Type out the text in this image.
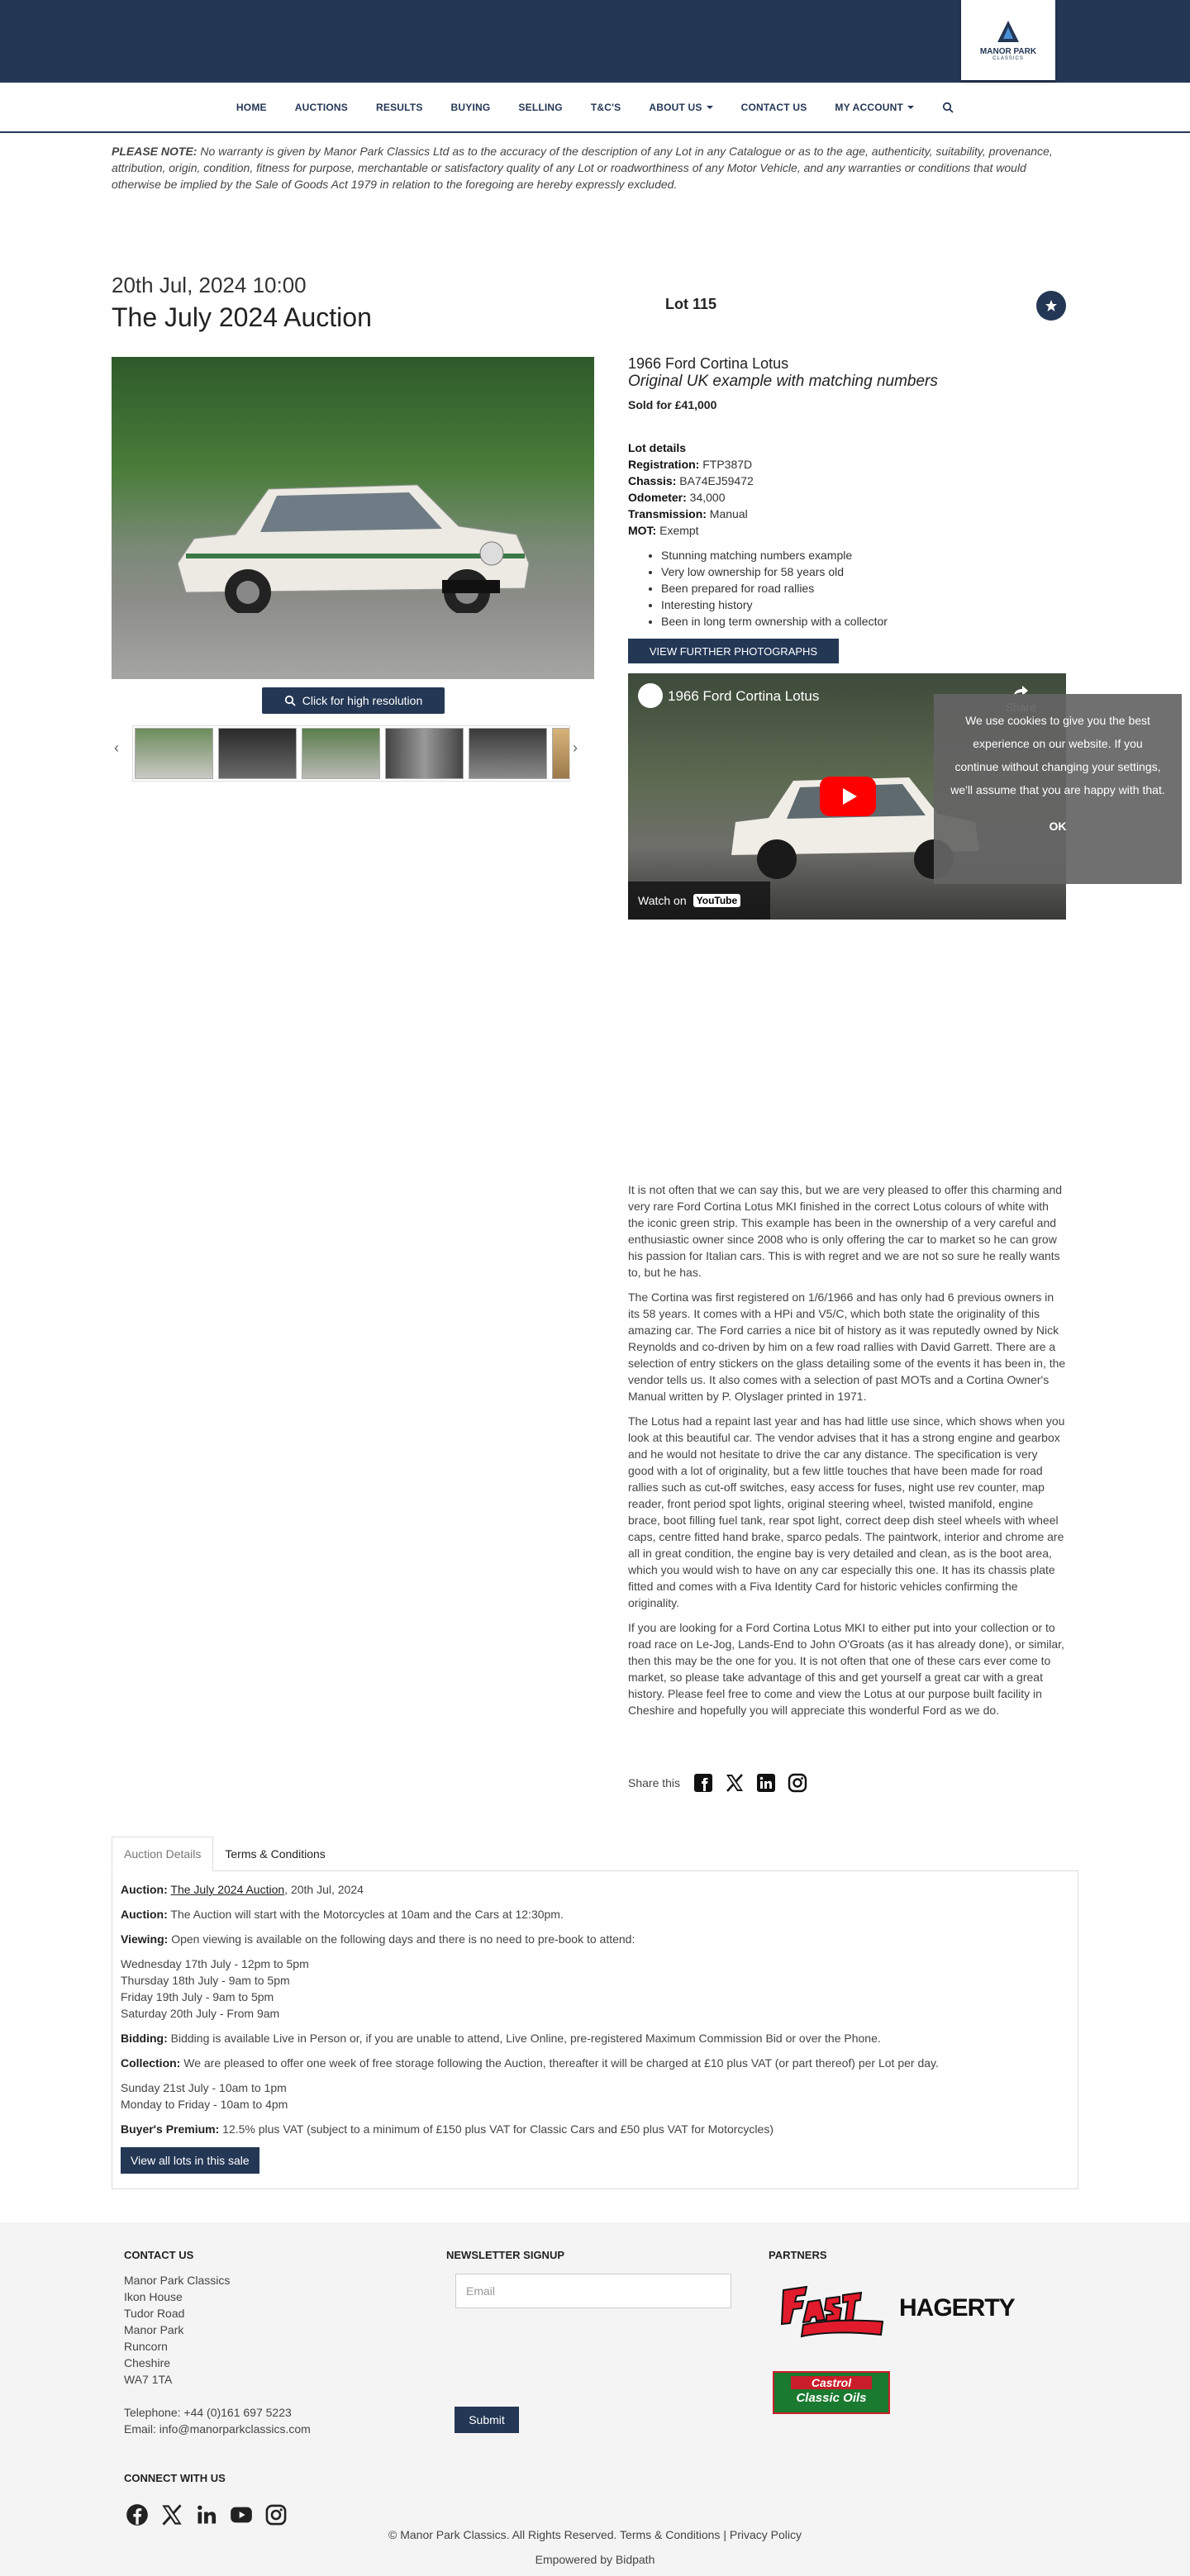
MANOR PARK
CLASSICS
HOME	AUCTIONS	RESULTS	BUYING	SELLING	T&C'S	ABOUT US	CONTACT US	MY ACCOUNT
PLEASE NOTE: No warranty is given by Manor Park Classics Ltd as to the accuracy of the description of any Lot in any Catalogue or as to the age, authenticity, suitability, provenance, attribution, origin, condition, fitness for purpose, merchantable or satisfactory quality of any Lot or roadworthiness of any Motor Vehicle, and any warranties or conditions that would otherwise be implied by the Sale of Goods Act 1979 in relation to the foregoing are hereby expressly excluded.
20th Jul, 2024 10:00
The July 2024 Auction
Click for high resolution
‹	›
Lot 115
1966 Ford Cortina Lotus
Original UK example with matching numbers
Sold for £41,000
Lot details
Registration: FTP387D
Chassis: BA74EJ59472
Odometer: 34,000
Transmission: Manual
MOT: Exempt
• Stunning matching numbers example
• Very low ownership for 58 years old
• Been prepared for road rallies
• Interesting history
• Been in long term ownership with a collector
VIEW FURTHER PHOTOGRAPHS
1966 Ford Cortina Lotus
Watch on	YouTube
We use cookies to give you the best experience on our website. If you continue without changing your settings, we'll assume that you are happy with that.
OK

It is not often that we can say this, but we are very pleased to offer this charming and very rare Ford Cortina Lotus MKI finished in the correct Lotus colours of white with the iconic green strip. This example has been in the ownership of a very careful and enthusiastic owner since 2008 who is only offering the car to market so he can grow his passion for Italian cars. This is with regret and we are not so sure he really wants to, but he has.

The Cortina was first registered on 1/6/1966 and has only had 6 previous owners in its 58 years. It comes with a HPi and V5/C, which both state the originality of this amazing car. The Ford carries a nice bit of history as it was reputedly owned by Nick Reynolds and co-driven by him on a few road rallies with David Garrett. There are a selection of entry stickers on the glass detailing some of the events it has been in, the vendor tells us. It also comes with a selection of past MOTs and a Cortina Owner's Manual written by P. Olyslager printed in 1971.

The Lotus had a repaint last year and has had little use since, which shows when you look at this beautiful car. The vendor advises that it has a strong engine and gearbox and he would not hesitate to drive the car any distance. The specification is very good with a lot of originality, but a few little touches that have been made for road rallies such as cut-off switches, easy access for fuses, night use rev counter, map reader, front period spot lights, original steering wheel, twisted manifold, engine brace, boot filling fuel tank, rear spot light, correct deep dish steel wheels with wheel caps, centre fitted hand brake, sparco pedals. The paintwork, interior and chrome are all in great condition, the engine bay is very detailed and clean, as is the boot area, which you would wish to have on any car especially this one. It has its chassis plate fitted and comes with a Fiva Identity Card for historic vehicles confirming the originality.

If you are looking for a Ford Cortina Lotus MKI to either put into your collection or to road race on Le-Jog, Lands-End to John O'Groats (as it has already done), or similar, then this may be the one for you. It is not often that one of these cars ever come to market, so please take advantage of this and get yourself a great car with a great history. Please feel free to come and view the Lotus at our purpose built facility in Cheshire and hopefully you will appreciate this wonderful Ford as we do.

Share this
Auction Details	Terms & Conditions

Auction: The July 2024 Auction, 20th Jul, 2024

Auction: The Auction will start with the Motorcycles at 10am and the Cars at 12:30pm.

Viewing: Open viewing is available on the following days and there is no need to pre-book to attend:

Wednesday 17th July - 12pm to 5pm
Thursday 18th July - 9am to 5pm
Friday 19th July - 9am to 5pm
Saturday 20th July - From 9am

Bidding: Bidding is available Live in Person or, if you are unable to attend, Live Online, pre-registered Maximum Commission Bid or over the Phone.

Collection: We are pleased to offer one week of free storage following the Auction, thereafter it will be charged at £10 plus VAT (or part thereof) per Lot per day.

Sunday 21st July - 10am to 1pm
Monday to Friday - 10am to 4pm

Buyer's Premium: 12.5% plus VAT (subject to a minimum of £150 plus VAT for Classic Cars and £50 plus VAT for Motorcycles)

View all lots in this sale
CONTACT US
Manor Park Classics
Ikon House
Tudor Road
Manor Park
Runcorn
Cheshire
WA7 1TA
Telephone: +44 (0)161 697 5223
Email: info@manorparkclassics.com
NEWSLETTER SIGNUP
Email
Submit
PARTNERS
HAGERTY
Castrol
Classic Oils
CONNECT WITH US
© Manor Park Classics. All Rights Reserved. Terms & Conditions | Privacy Policy
Empowered by Bidpath
